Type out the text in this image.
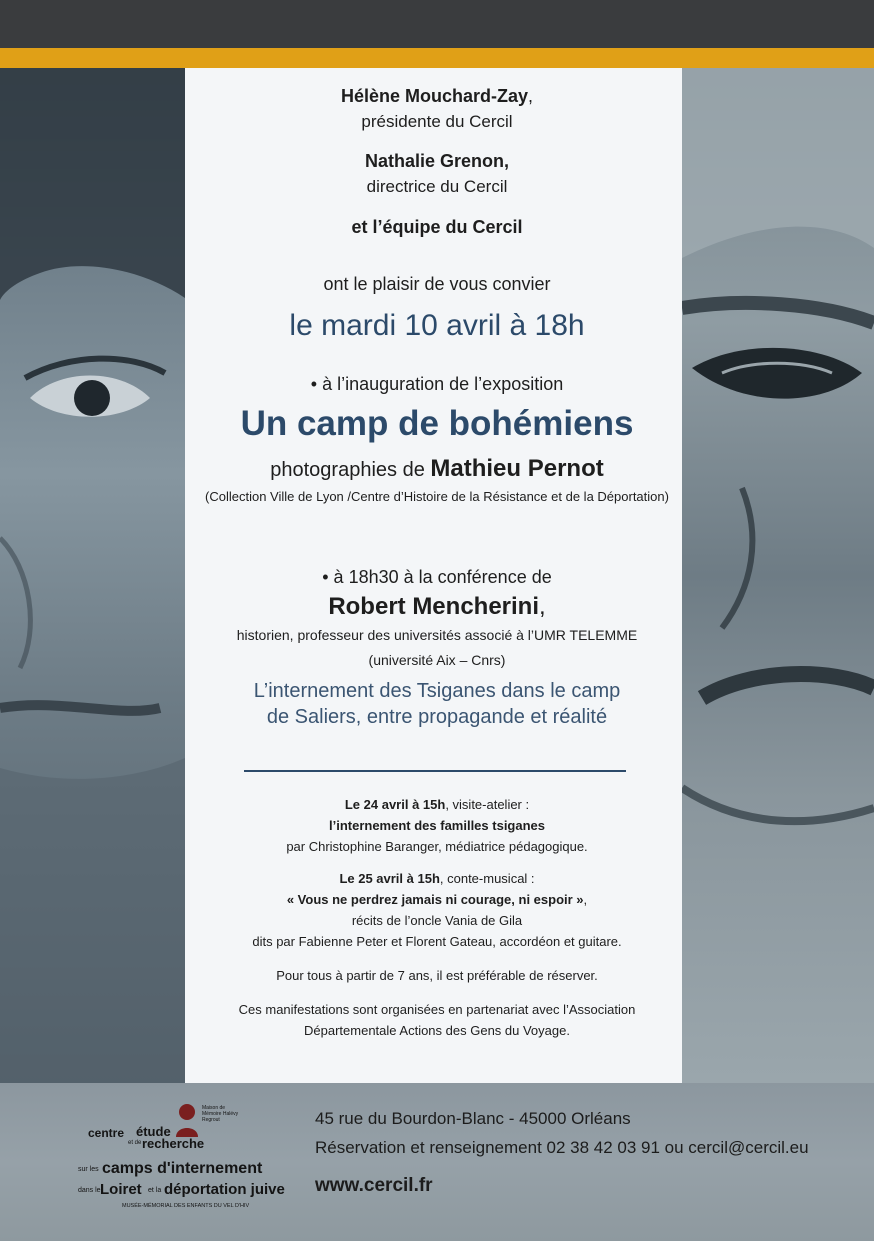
Hélène Mouchard-Zay,
présidente du Cercil
Nathalie Grenon,
directrice du Cercil
et l’équipe du Cercil
ont le plaisir de vous convier
le mardi 10 avril à 18h
• à l’inauguration de l’exposition
Un camp de bohémiens
photographies de Mathieu Pernot
(Collection Ville de Lyon /Centre d’Histoire de la Résistance et de la Déportation)
• à 18h30 à la conférence de
Robert Mencherini,
historien, professeur des universités associé à l’UMR TELEMME
(université Aix – Cnrs)
L’internement des Tsiganes dans le camp
de Saliers, entre propagande et réalité
Le 24 avril à 15h, visite-atelier :
l’internement des familles tsiganes
par Christophine Baranger, médiatrice pédagogique.
Le 25 avril à 15h, conte-musical :
« Vous ne perdrez jamais ni courage, ni espoir »,
récits de l’oncle Vania de Gila
dits par Fabienne Peter et Florent Gateau, accordéon et guitare.
Pour tous à partir de 7 ans, il est préférable de réserver.
Ces manifestations sont organisées en partenariat avec l’Association
Départementale Actions des Gens du Voyage.
45 rue du Bourdon-Blanc - 45000 Orléans
Réservation et renseignement 02 38 42 03 91 ou cercil@cercil.eu
www.cercil.fr
Maison de Mémoire Halévy Regrout
centre étude
et de recherche
sur les camps d'internement
dans le Loiret et la déportation juive
MUSÉE-MÉMORIAL DES ENFANTS DU VEL D'HIV
